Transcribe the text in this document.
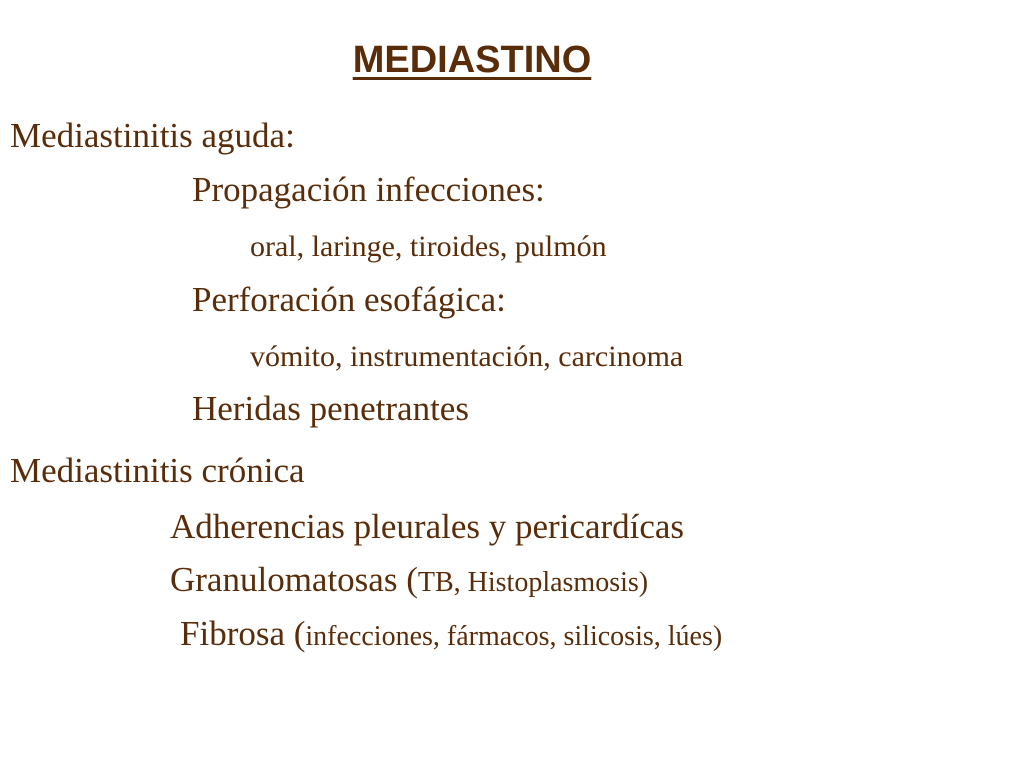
MEDIASTINO
Mediastinitis aguda:
Propagación infecciones:
oral, laringe, tiroides, pulmón
Perforación esofágica:
vómito, instrumentación, carcinoma
Heridas penetrantes
Mediastinitis crónica
Adherencias pleurales y pericardícas
Granulomatosas (TB, Histoplasmosis)
Fibrosa (infecciones, fármacos, silicosis, lúes)
